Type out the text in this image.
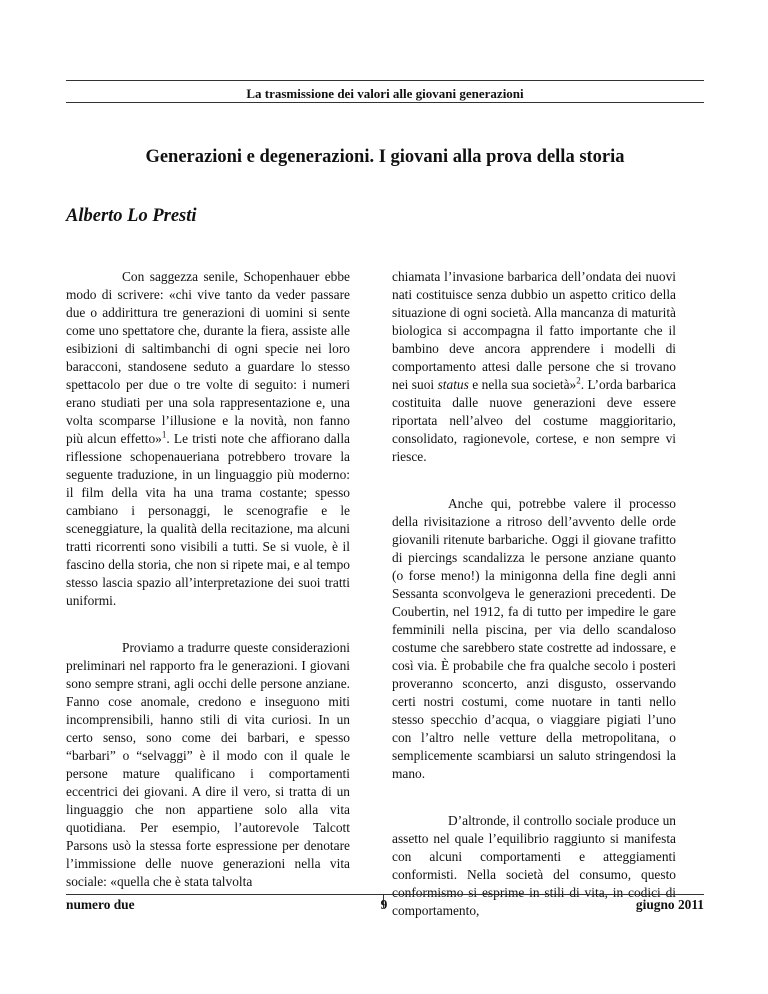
La trasmissione dei valori alle giovani generazioni
Generazioni e degenerazioni. I giovani alla prova della storia
Alberto Lo Presti

Con saggezza senile, Schopenhauer ebbe modo di scrivere: «chi vive tanto da veder passare due o addirittura tre generazioni di uomini si sente come uno spettatore che, durante la fiera, assiste alle esibizioni di saltimbanchi di ogni specie nei loro baracconi, standosene seduto a guardare lo stesso spettacolo per due o tre volte di seguito: i numeri erano studiati per una sola rappresentazione e, una volta scomparse l’illusione e la novità, non fanno più alcun effetto»$^1$. Le tristi note che affiorano dalla riflessione schopenaueriana potrebbero trovare la seguente traduzione, in un linguaggio più moderno: il film della vita ha una trama costante; spesso cambiano i personaggi, le scenografie e le sceneggiature, la qualità della recitazione, ma alcuni tratti ricorrenti sono visibili a tutti. Se si vuole, è il fascino della storia, che non si ripete mai, e al tempo stesso lascia spazio all’interpretazione dei suoi tratti uniformi.

Proviamo a tradurre queste considerazioni preliminari nel rapporto fra le generazioni. I giovani sono sempre strani, agli occhi delle persone anziane. Fanno cose anomale, credono e inseguono miti incomprensibili, hanno stili di vita curiosi. In un certo senso, sono come dei barbari, e spesso “barbari” o “selvaggi” è il modo con il quale le persone mature qualificano i comportamenti eccentrici dei giovani. A dire il vero, si tratta di un linguaggio che non appartiene solo alla vita quotidiana. Per esempio, l’autorevole Talcott Parsons usò la stessa forte espressione per denotare l’immissione delle nuove generazioni nella vita sociale: «quella che è stata talvolta

chiamata l’invasione barbarica dell’ondata dei nuovi nati costituisce senza dubbio un aspetto critico della situazione di ogni società. Alla mancanza di maturità biologica si accompagna il fatto importante che il bambino deve ancora apprendere i modelli di comportamento attesi dalle persone che si trovano nei suoi status e nella sua società»$^2$. L’orda barbarica costituita dalle nuove generazioni deve essere riportata nell’alveo del costume maggioritario, consolidato, ragionevole, cortese, e non sempre vi riesce.

Anche qui, potrebbe valere il processo della rivisitazione a ritroso dell’avvento delle orde giovanili ritenute barbariche. Oggi il giovane trafitto di piercings scandalizza le persone anziane quanto (o forse meno!) la minigonna della fine degli anni Sessanta sconvolgeva le generazioni precedenti. De Coubertin, nel 1912, fa di tutto per impedire le gare femminili nella piscina, per via dello scandaloso costume che sarebbero state costrette ad indossare, e così via. È probabile che fra qualche secolo i posteri proveranno sconcerto, anzi disgusto, osservando certi nostri costumi, come nuotare in tanti nello stesso specchio d’acqua, o viaggiare pigiati l’uno con l’altro nelle vetture della metropolitana, o semplicemente scambiarsi un saluto stringendosi la mano.

D’altronde, il controllo sociale produce un assetto nel quale l’equilibrio raggiunto si manifesta con alcuni comportamenti e atteggiamenti conformisti. Nella società del consumo, questo conformismo si esprime in stili di vita, in codici di comportamento,

numero due	9	giugno 2011
